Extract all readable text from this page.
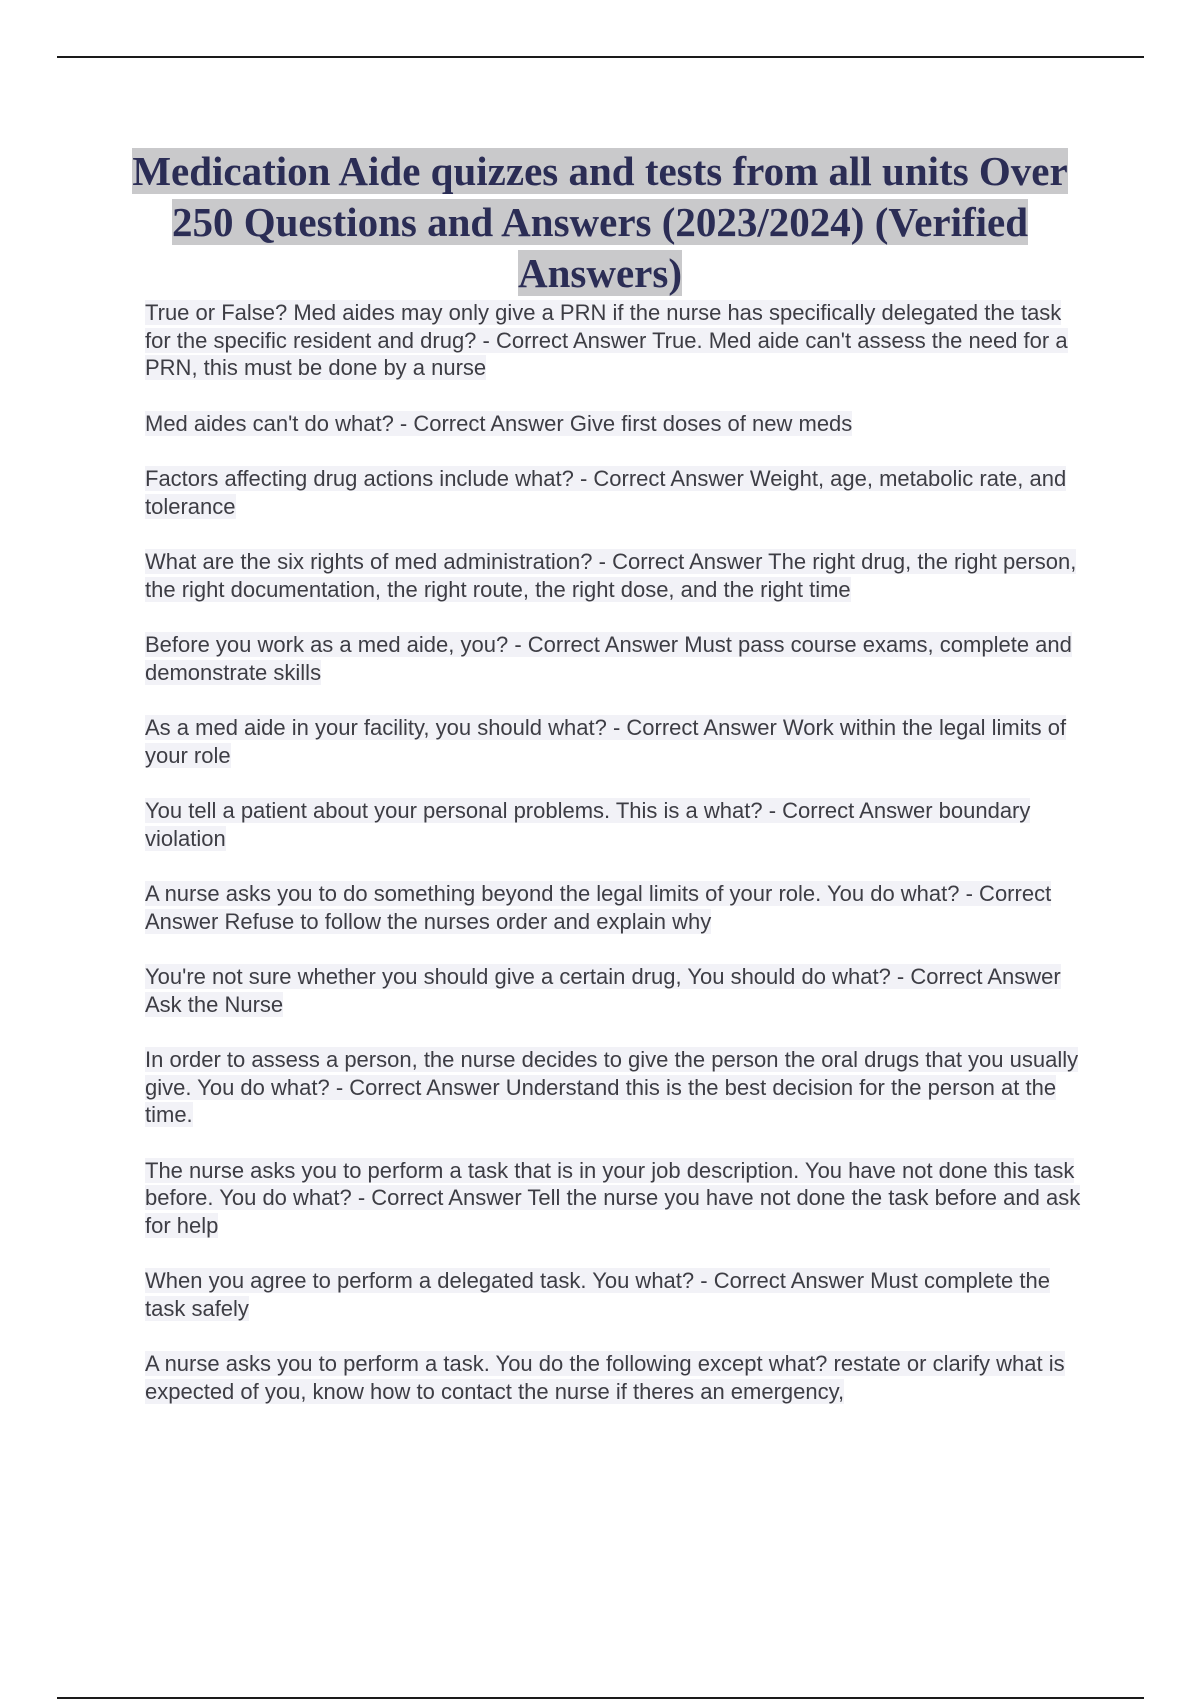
Medication Aide quizzes and tests from all units Over 250 Questions and Answers (2023/2024) (Verified Answers)
True or False? Med aides may only give a PRN if the nurse has specifically delegated the task for the specific resident and drug? - Correct Answer True. Med aide can't assess the need for a PRN, this must be done by a nurse
Med aides can't do what? - Correct Answer Give first doses of new meds
Factors affecting drug actions include what? - Correct Answer Weight, age, metabolic rate, and tolerance
What are the six rights of med administration? - Correct Answer The right drug, the right person, the right documentation, the right route, the right dose, and the right time
Before you work as a med aide, you? - Correct Answer Must pass course exams, complete and demonstrate skills
As a med aide in your facility, you should what? - Correct Answer Work within the legal limits of your role
You tell a patient about your personal problems. This is a what? - Correct Answer boundary violation
A nurse asks you to do something beyond the legal limits of your role. You do what? - Correct Answer Refuse to follow the nurses order and explain why
You're not sure whether you should give a certain drug, You should do what? - Correct Answer Ask the Nurse
In order to assess a person, the nurse decides to give the person the oral drugs that you usually give. You do what? - Correct Answer Understand this is the best decision for the person at the time.
The nurse asks you to perform a task that is in your job description. You have not done this task before. You do what? - Correct Answer Tell the nurse you have not done the task before and ask for help
When you agree to perform a delegated task. You what? - Correct Answer Must complete the task safely
A nurse asks you to perform a task. You do the following except what? restate or clarify what is expected of you, know how to contact the nurse if theres an emergency,
